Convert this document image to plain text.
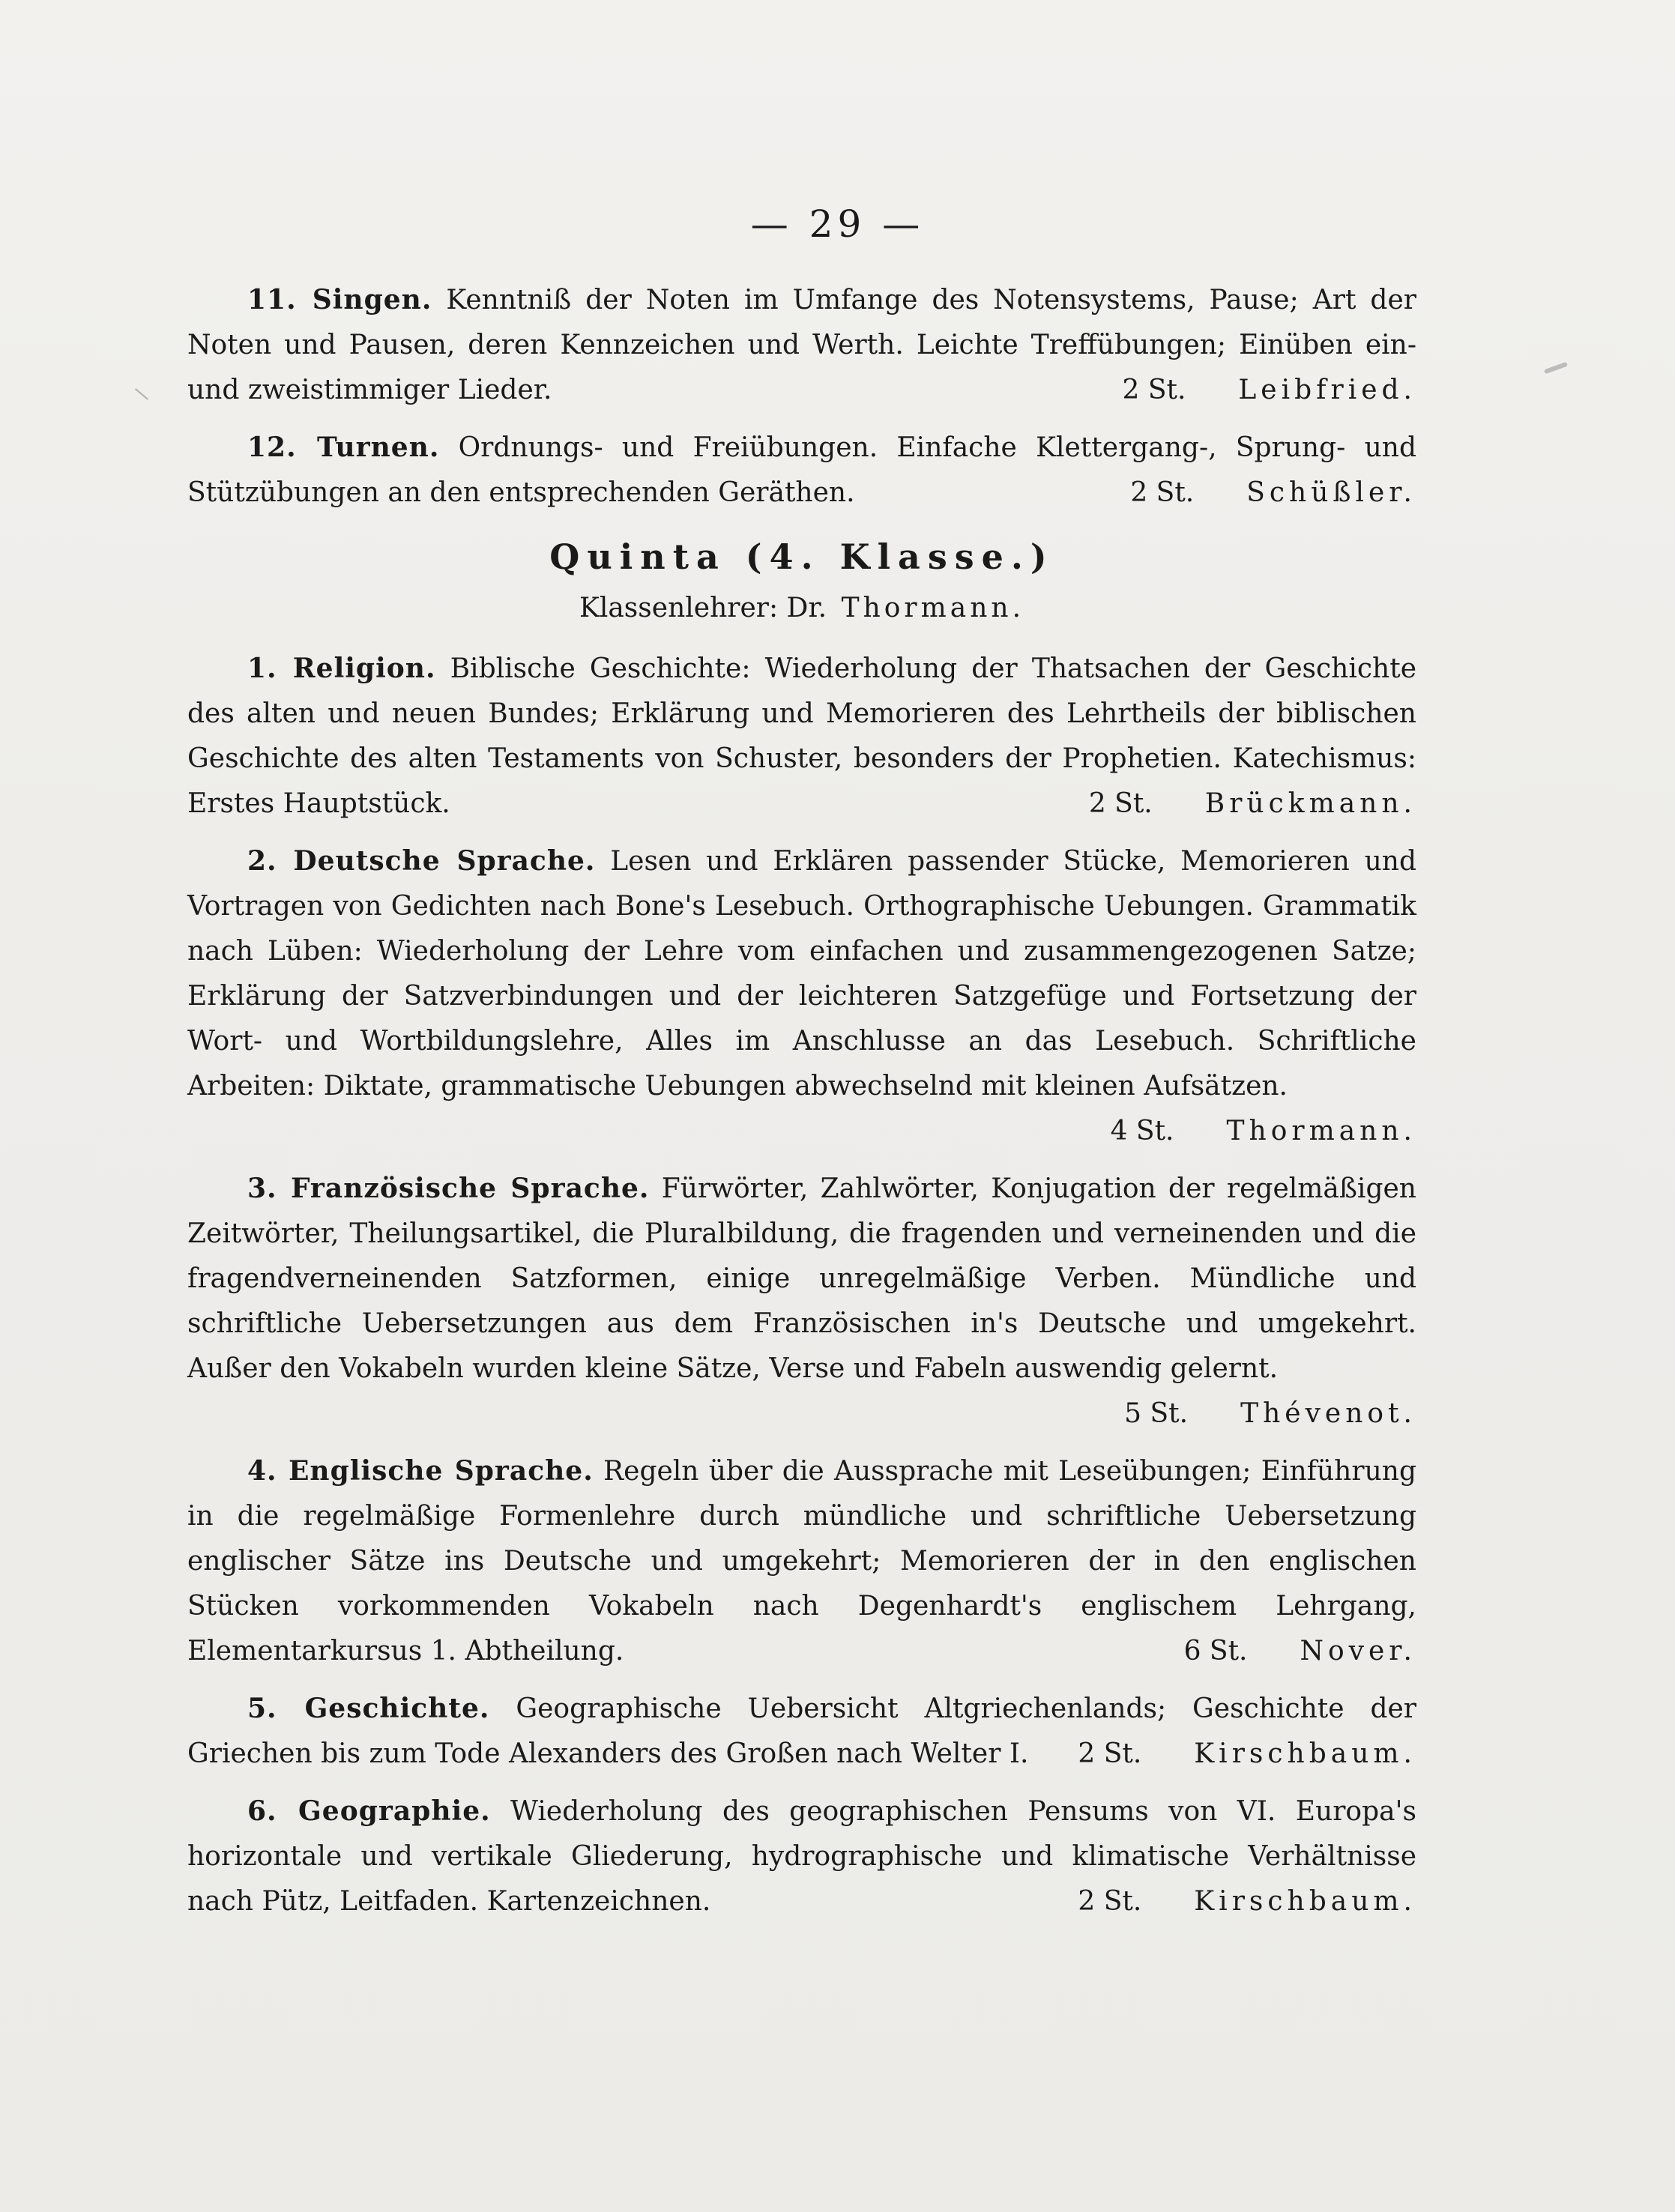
— 29 —

11. Singen. Kenntniß der Noten im Umfange des Notensystems, Pause; Art der Noten und Pausen, deren Kennzeichen und Werth. Leichte Treffübungen; Einüben ein- und zweistimmiger Lieder.	2 St. Leibfried.

12. Turnen. Ordnungs- und Freiübungen. Einfache Klettergang-, Sprung- und Stützübungen an den entsprechenden Geräthen.	2 St. Schüßler.

Quinta (4. Klasse.)
Klassenlehrer: Dr. Thormann.

1. Religion. Biblische Geschichte: Wiederholung der Thatsachen der Geschichte des alten und neuen Bundes; Erklärung und Memorieren des Lehrtheils der biblischen Geschichte des alten Testaments von Schuster, besonders der Prophetien. Katechismus: Erstes Hauptstück.	2 St. Brückmann.

2. Deutsche Sprache. Lesen und Erklären passender Stücke, Memorieren und Vortragen von Gedichten nach Bone's Lesebuch. Orthographische Uebungen. Grammatik nach Lüben: Wiederholung der Lehre vom einfachen und zusammengezogenen Satze; Erklärung der Satzverbindungen und der leichteren Satzgefüge und Fortsetzung der Wort- und Wortbildungslehre, Alles im Anschlusse an das Lesebuch. Schriftliche Arbeiten: Diktate, grammatische Uebungen abwechselnd mit kleinen Aufsätzen.
4 St. Thormann.

3. Französische Sprache. Fürwörter, Zahlwörter, Konjugation der regelmäßigen Zeitwörter, Theilungsartikel, die Pluralbildung, die fragenden und verneinenden und die fragendverneinenden Satzformen, einige unregelmäßige Verben. Mündliche und schriftliche Uebersetzungen aus dem Französischen in's Deutsche und umgekehrt. Außer den Vokabeln wurden kleine Sätze, Verse und Fabeln auswendig gelernt.
5 St. Thévenot.

4. Englische Sprache. Regeln über die Aussprache mit Leseübungen; Einführung in die regelmäßige Formenlehre durch mündliche und schriftliche Uebersetzung englischer Sätze ins Deutsche und umgekehrt; Memorieren der in den englischen Stücken vorkommenden Vokabeln nach Degenhardt's englischem Lehrgang, Elementarkursus 1. Abtheilung.	6 St. Nover.

5. Geschichte. Geographische Uebersicht Altgriechenlands; Geschichte der Griechen bis zum Tode Alexanders des Großen nach Welter I.	2 St. Kirschbaum.

6. Geographie. Wiederholung des geographischen Pensums von VI. Europa's horizontale und vertikale Gliederung, hydrographische und klimatische Verhältnisse nach Pütz, Leitfaden. Kartenzeichnen.	2 St. Kirschbaum.
